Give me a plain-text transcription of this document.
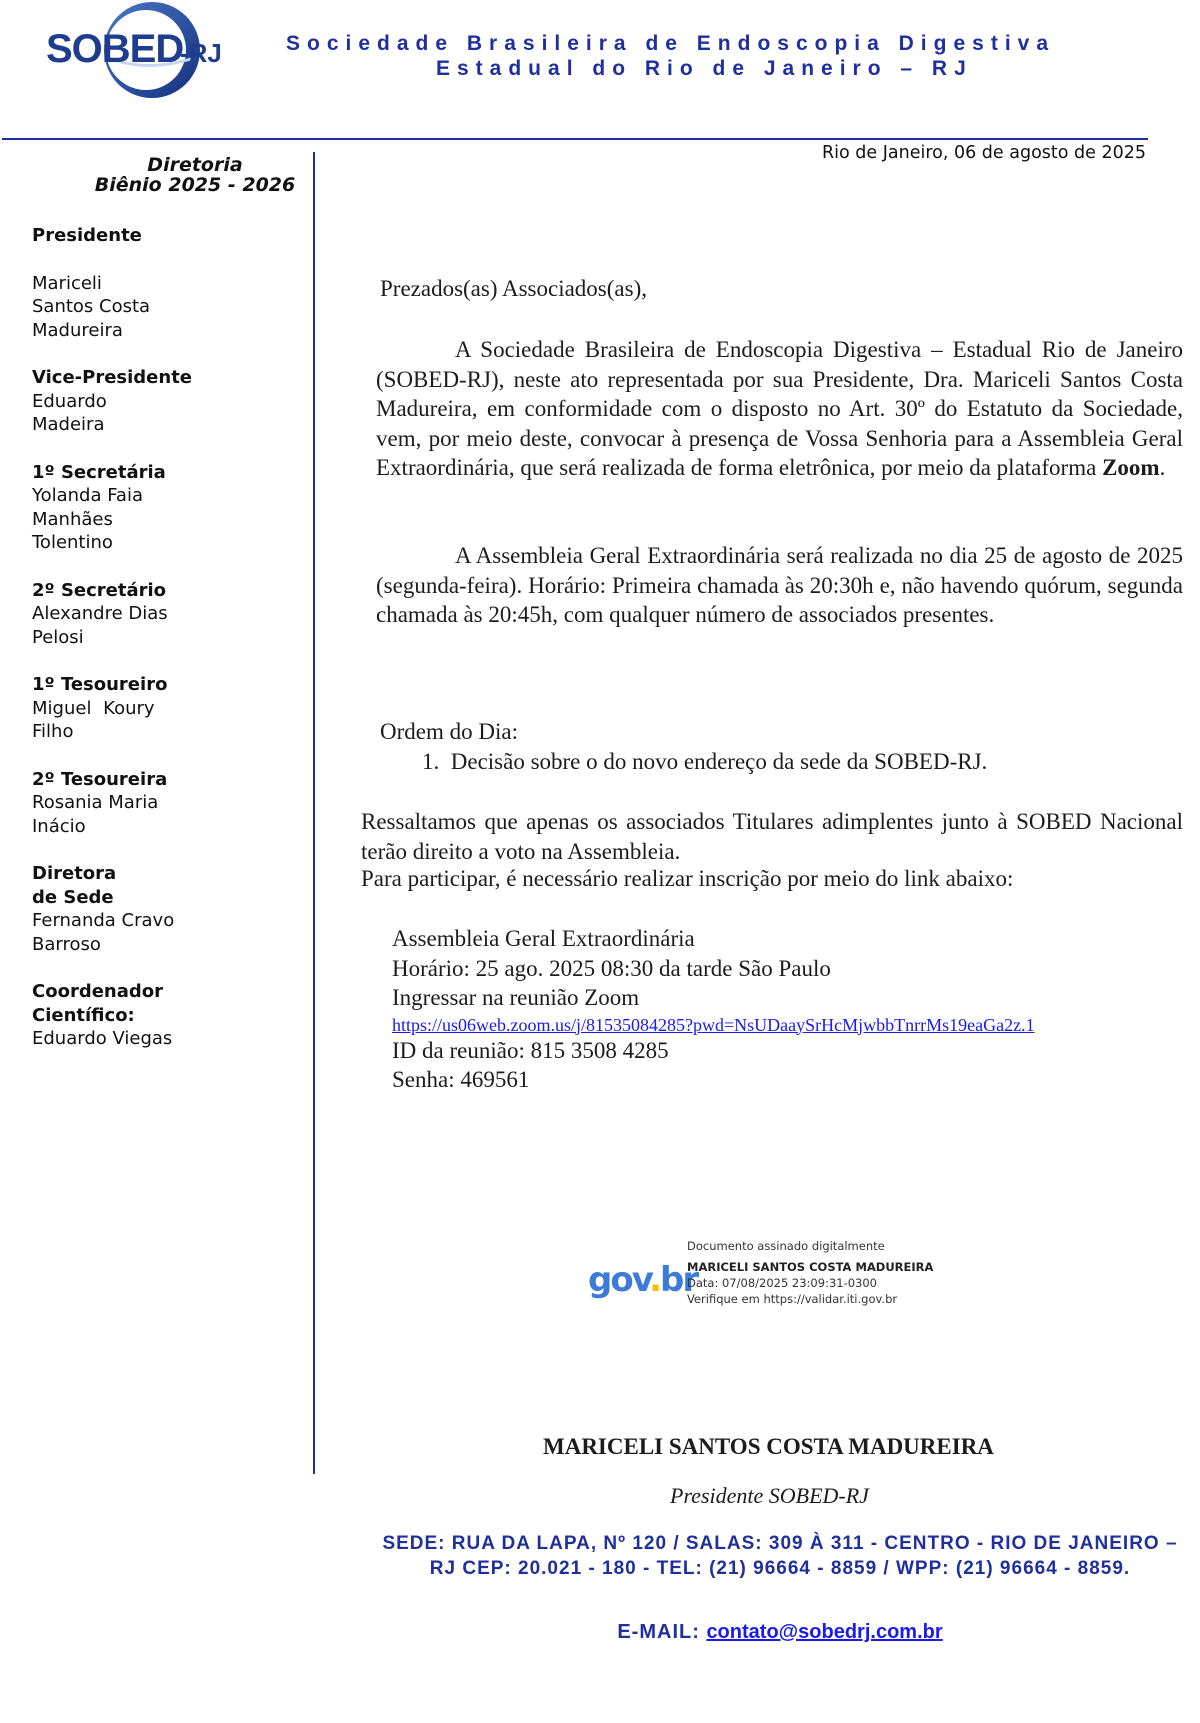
SOBED
-RJ	Sociedade Brasileira de Endoscopia Digestiva
Estadual do Rio de Janeiro – RJ
Rio de Janeiro, 06 de agosto de 2025
Diretoria
Biênio 2025 - 2026
Presidente
Mariceli Santos Costa Madureira
Vice-Presidente
Eduardo Madeira
1º Secretária
Yolanda Faia Manhães Tolentino
2º Secretário
Alexandre Dias Pelosi
1º Tesoureiro
Miguel Koury Filho
2º Tesoureira
Rosania Maria Inácio
Diretora de Sede
Fernanda Cravo Barroso
Coordenador Científico:
Eduardo Viegas
Prezados(as) Associados(as),
A Sociedade Brasileira de Endoscopia Digestiva – Estadual Rio de Janeiro (SOBED-RJ), neste ato representada por sua Presidente, Dra. Mariceli Santos Costa Madureira, em conformidade com o disposto no Art. 30º do Estatuto da Sociedade, vem, por meio deste, convocar à presença de Vossa Senhoria para a Assembleia Geral Extraordinária, que será realizada de forma eletrônica, por meio da plataforma Zoom.
A Assembleia Geral Extraordinária será realizada no dia 25 de agosto de 2025 (segunda-feira). Horário: Primeira chamada às 20:30h e, não havendo quórum, segunda chamada às 20:45h, com qualquer número de associados presentes.
Ordem do Dia:
1.  Decisão sobre o do novo endereço da sede da SOBED-RJ.
Ressaltamos que apenas os associados Titulares adimplentes junto à SOBED Nacional terão direito a voto na Assembleia.
Para participar, é necessário realizar inscrição por meio do link abaixo:
Assembleia Geral Extraordinária
Horário: 25 ago. 2025 08:30 da tarde São Paulo
Ingressar na reunião Zoom
https://us06web.zoom.us/j/81535084285?pwd=NsUDaaySrHcMjwbbTnrrMs19eaGa2z.1
ID da reunião: 815 3508 4285
Senha: 469561
gov.br
Documento assinado digitalmente
MARICELI SANTOS COSTA MADUREIRA
Data: 07/08/2025 23:09:31-0300
Verifique em https://validar.iti.gov.br
MARICELI SANTOS COSTA MADUREIRA
Presidente SOBED-RJ
SEDE: RUA DA LAPA, Nº 120 / SALAS: 309 À 311 - CENTRO - RIO DE JANEIRO – RJ CEP: 20.021 - 180 - TEL: (21) 96664 - 8859 / WPP: (21) 96664 - 8859.
E-MAIL: contato@sobedrj.com.br
